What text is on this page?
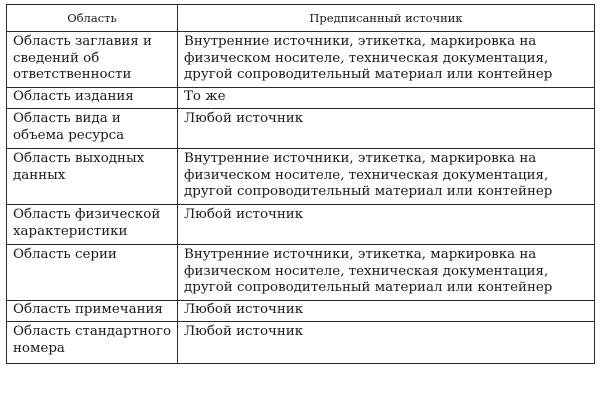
Область	Предписанный источник
Область заглавия и сведений об ответственности	Внутренние источники, этикетка, маркировка на физическом носителе, техническая документация, другой сопроводительный материал или контейнер
Область издания	То же
Область вида и объема ресурса	Любой источник
Область выходных данных	Внутренние источники, этикетка, маркировка на физическом носителе, техническая документация, другой сопроводительный материал или контейнер
Область физической характеристики	Любой источник
Область серии	Внутренние источники, этикетка, маркировка на физическом носителе, техническая документация, другой сопроводительный материал или контейнер
Область примечания	Любой источник
Область стандартного номера	Любой источник
